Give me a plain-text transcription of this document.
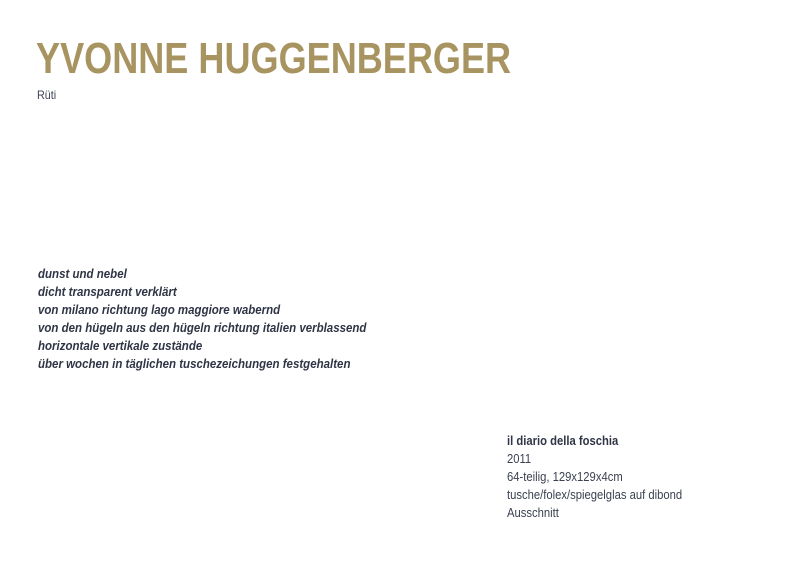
YVONNE HUGGENBERGER
Rüti
dunst und nebel
dicht transparent verklärt
von milano richtung lago maggiore wabernd
von den hügeln aus den hügeln richtung italien verblassend
horizontale vertikale zustände
über wochen in täglichen tuschezeichungen festgehalten
il diario della foschia
2011
64-teilig, 129x129x4cm
tusche/folex/spiegelglas auf dibond
Ausschnitt
